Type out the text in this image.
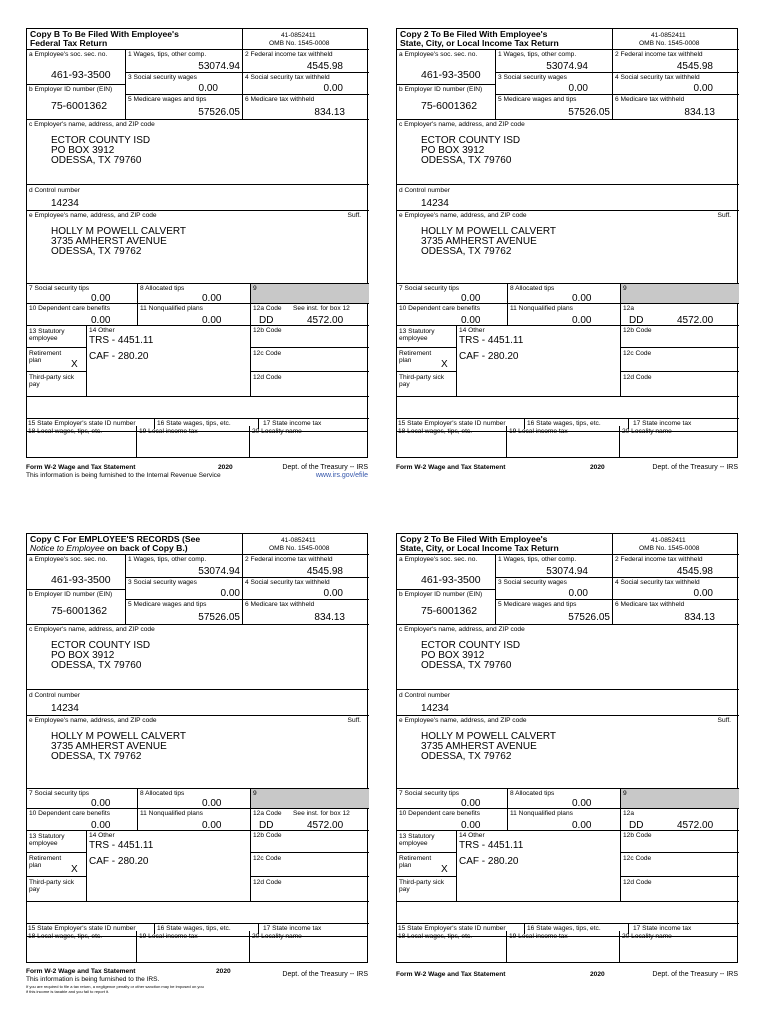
Copy B To Be Filed With Employee's
Federal Tax Return
41-0852411
OMB No. 1545-0008
a Employee's soc. sec. no.
461-93-3500
1 Wages, tips, other comp.
53074.94
2 Federal income tax withheld
4545.98
3 Social security wages
0.00
4 Social security tax withheld
0.00
b Employer ID number (EIN)
75-6001362
5 Medicare wages and tips
57526.05
6 Medicare tax withheld
834.13
c Employer's name, address, and ZIP code
ECTOR COUNTY ISD
PO BOX 3912
ODESSA, TX 79760
d Control number
14234
e Employee's name, address, and ZIP code	Suff.
HOLLY M POWELL CALVERT
3735 AMHERST AVENUE
ODESSA, TX 79762
7 Social security tips
0.00
8 Allocated tips
0.00
9
10 Dependent care benefits
0.00
11 Nonqualified plans
0.00
12a Code See inst. for box 12
DD	4572.00
13 Statutory
employee
Retirement
plan	X
Third-party sick
pay
14 Other
TRS - 4451.11
CAF - 280.20
12b Code
12c Code
12d Code
15 State Employer's state ID number	16 State wages, tips, etc.	17 State income tax
18 Local wages, tips, etc.	19 Local income tax	20 Locality name
Form W-2 Wage and Tax Statement	2020	Dept. of the Treasury -- IRS
This information is being furnished to the Internal Revenue Service	www.irs.gov/efile
Copy 2 To Be Filed With Employee's
State, City, or Local Income Tax Return
41-0852411
OMB No. 1545-0008
a Employee's soc. sec. no.
461-93-3500
1 Wages, tips, other comp.
53074.94
2 Federal income tax withheld
4545.98
3 Social security wages
0.00
4 Social security tax withheld
0.00
b Employer ID number (EIN)
75-6001362
5 Medicare wages and tips
57526.05
6 Medicare tax withheld
834.13
c Employer's name, address, and ZIP code
ECTOR COUNTY ISD
PO BOX 3912
ODESSA, TX 79760
d Control number
14234
e Employee's name, address, and ZIP code	Suff.
HOLLY M POWELL CALVERT
3735 AMHERST AVENUE
ODESSA, TX 79762
7 Social security tips
0.00
8 Allocated tips
0.00
9
10 Dependent care benefits
0.00
11 Nonqualified plans
0.00
12a
DD	4572.00
13 Statutory
employee
Retirement
plan	X
Third-party sick
pay
14 Other
TRS - 4451.11
CAF - 280.20
12b Code
12c Code
12d Code
15 State Employer's state ID number	16 State wages, tips, etc.	17 State income tax
18 Local wages, tips, etc.	19 Local income tax	20 Locality name
Form W-2 Wage and Tax Statement	2020	Dept. of the Treasury -- IRS
Copy C For EMPLOYEE'S RECORDS (See
Notice to Employee on back of Copy B.)
41-0852411
OMB No. 1545-0008
a Employee's soc. sec. no.
461-93-3500
1 Wages, tips, other comp.
53074.94
2 Federal income tax withheld
4545.98
3 Social security wages
0.00
4 Social security tax withheld
0.00
b Employer ID number (EIN)
75-6001362
5 Medicare wages and tips
57526.05
6 Medicare tax withheld
834.13
c Employer's name, address, and ZIP code
ECTOR COUNTY ISD
PO BOX 3912
ODESSA, TX 79760
d Control number
14234
e Employee's name, address, and ZIP code	Suff.
HOLLY M POWELL CALVERT
3735 AMHERST AVENUE
ODESSA, TX 79762
7 Social security tips
0.00
8 Allocated tips
0.00
9
10 Dependent care benefits
0.00
11 Nonqualified plans
0.00
12a Code See inst. for box 12
DD	4572.00
13 Statutory
employee
Retirement
plan	X
Third-party sick
pay
14 Other
TRS - 4451.11
CAF - 280.20
12b Code
12c Code
12d Code
15 State Employer's state ID number	16 State wages, tips, etc.	17 State income tax
18 Local wages, tips, etc.	19 Local income tax	20 Locality name
Form W-2 Wage and Tax Statement	2020	Dept. of the Treasury -- IRS
This information is being furnished to the IRS.
If you are required to file a tax return, a negligence penalty or other sanction may be imposed on you
if this income is taxable and you fail to report it.
Copy 2 To Be Filed With Employee's
State, City, or Local Income Tax Return
41-0852411
OMB No. 1545-0008
a Employee's soc. sec. no.
461-93-3500
1 Wages, tips, other comp.
53074.94
2 Federal income tax withheld
4545.98
3 Social security wages
0.00
4 Social security tax withheld
0.00
b Employer ID number (EIN)
75-6001362
5 Medicare wages and tips
57526.05
6 Medicare tax withheld
834.13
c Employer's name, address, and ZIP code
ECTOR COUNTY ISD
PO BOX 3912
ODESSA, TX 79760
d Control number
14234
e Employee's name, address, and ZIP code	Suff.
HOLLY M POWELL CALVERT
3735 AMHERST AVENUE
ODESSA, TX 79762
7 Social security tips
0.00
8 Allocated tips
0.00
9
10 Dependent care benefits
0.00
11 Nonqualified plans
0.00
12a
DD	4572.00
13 Statutory
employee
Retirement
plan	X
Third-party sick
pay
14 Other
TRS - 4451.11
CAF - 280.20
12b Code
12c Code
12d Code
15 State Employer's state ID number	16 State wages, tips, etc.	17 State income tax
18 Local wages, tips, etc.	19 Local income tax	20 Locality name
Form W-2 Wage and Tax Statement	2020	Dept. of the Treasury -- IRS
